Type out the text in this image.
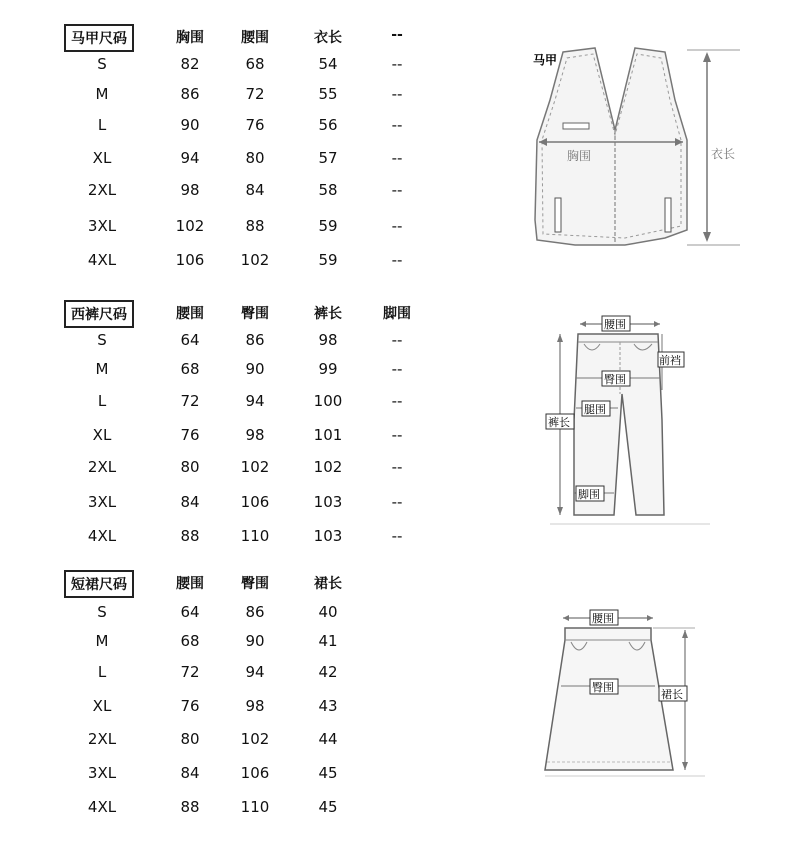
马甲尺码	胸围	腰围	衣长	--
S	82	68	54	--
M	86	72	55	--
L	90	76	56	--
XL	94	80	57	--
2XL	98	84	58	--
3XL	102	88	59	--
4XL	106	102	59	--
西裤尺码	腰围	臀围	裤长	脚围
S	64	86	98	--
M	68	90	99	--
L	72	94	100	--
XL	76	98	101	--
2XL	80	102	102	--
3XL	84	106	103	--
4XL	88	110	103	--
短裙尺码	腰围	臀围	裙长
S	64	86	40
M	68	90	41
L	72	94	42
XL	76	98	43
2XL	80	102	44
3XL	84	106	45
4XL	88	110	45
马甲
胸围	衣长
腰围
前裆
臀围
腿围
裤长
脚围
腰围
臀围
裙长
